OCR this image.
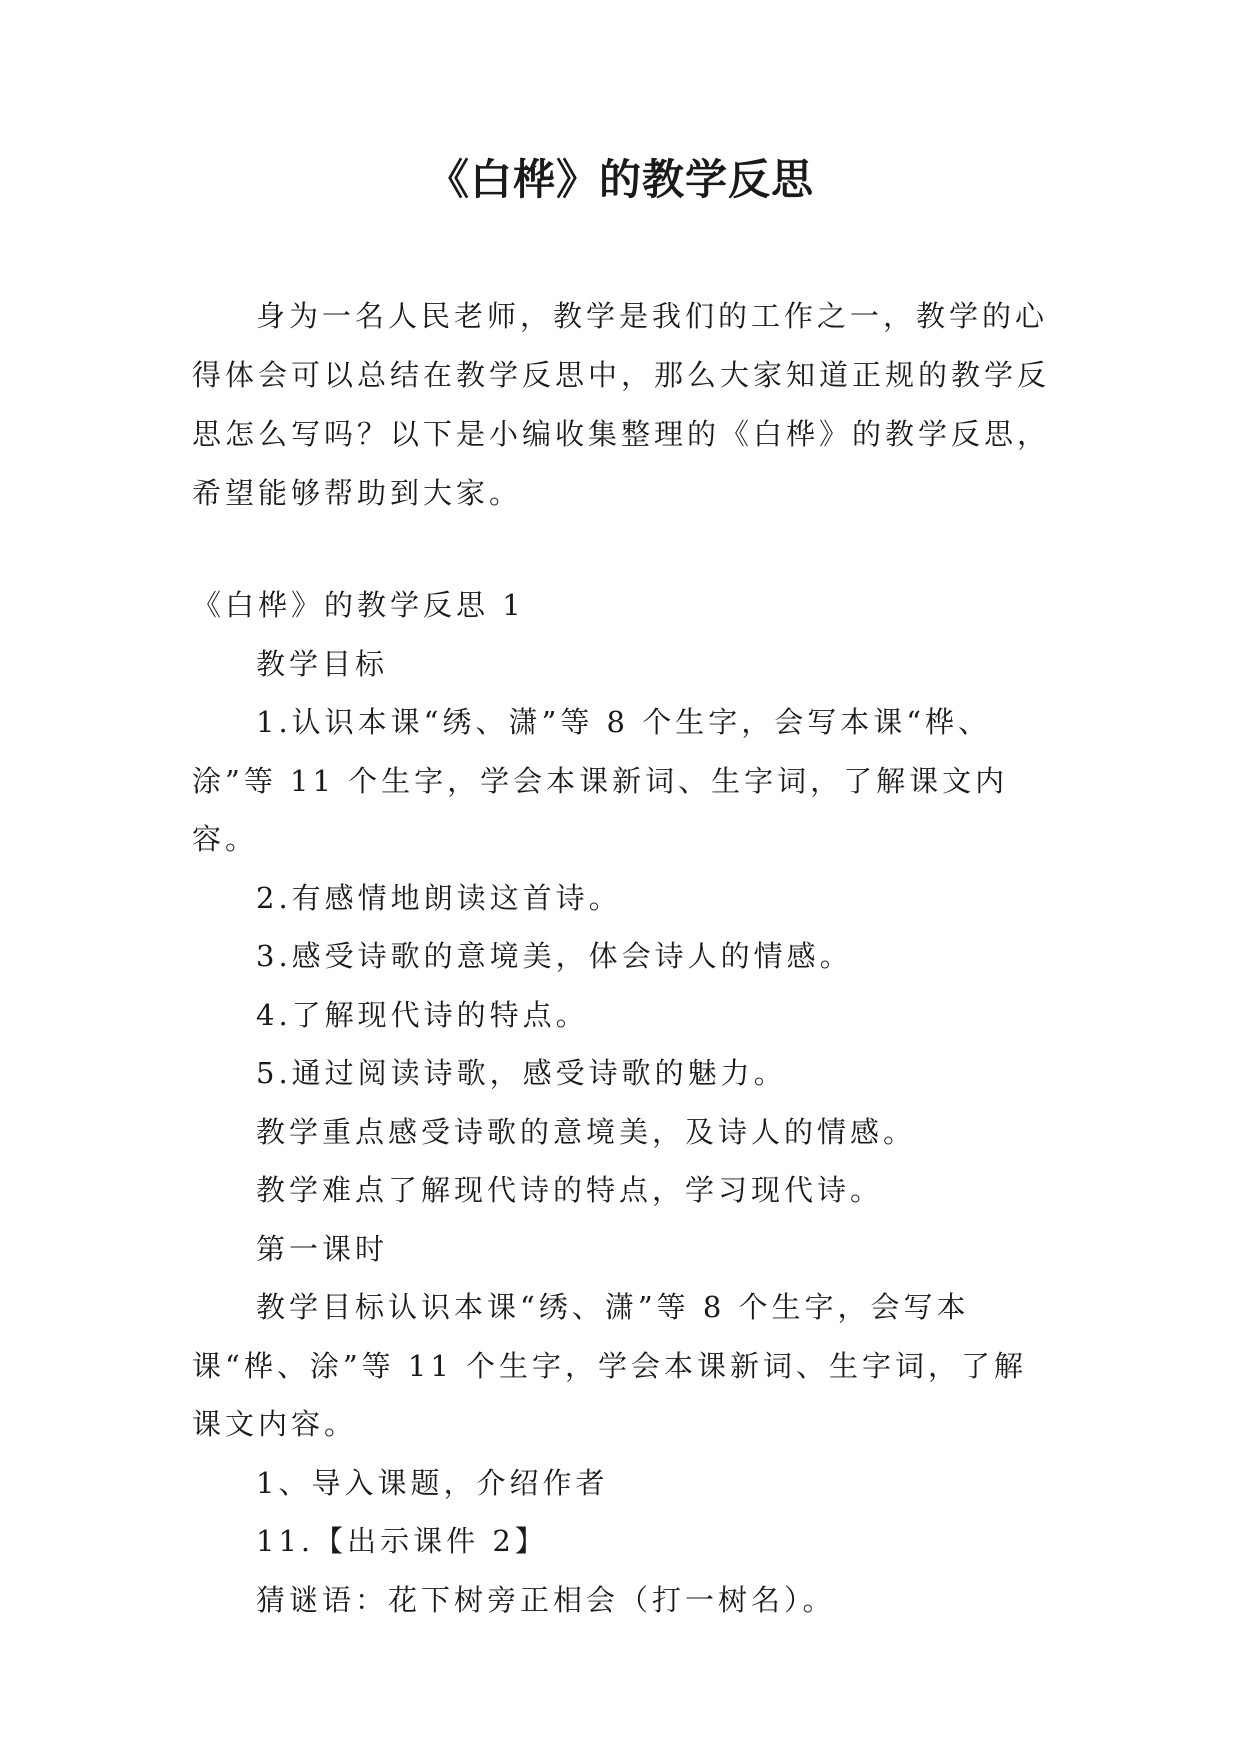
《白桦》的教学反思

身为一名人民老师，教学是我们的工作之一，教学的心得体会可以总结在教学反思中，那么大家知道正规的教学反思怎么写吗？以下是小编收集整理的《白桦》的教学反思，希望能够帮助到大家。

《白桦》的教学反思 1

教学目标

1.认识本课“绣、潇”等 8 个生字，会写本课“桦、涂”等 11 个生字，学会本课新词、生字词，了解课文内容。

2.有感情地朗读这首诗。

3.感受诗歌的意境美，体会诗人的情感。

4.了解现代诗的特点。

5.通过阅读诗歌，感受诗歌的魅力。

教学重点感受诗歌的意境美，及诗人的情感。

教学难点了解现代诗的特点，学习现代诗。

第一课时

教学目标认识本课“绣、潇”等 8 个生字，会写本课“桦、涂”等 11 个生字，学会本课新词、生字词，了解课文内容。

1、导入课题，介绍作者

11.【出示课件 2】

猜谜语：花下树旁正相会（打一树名）。
